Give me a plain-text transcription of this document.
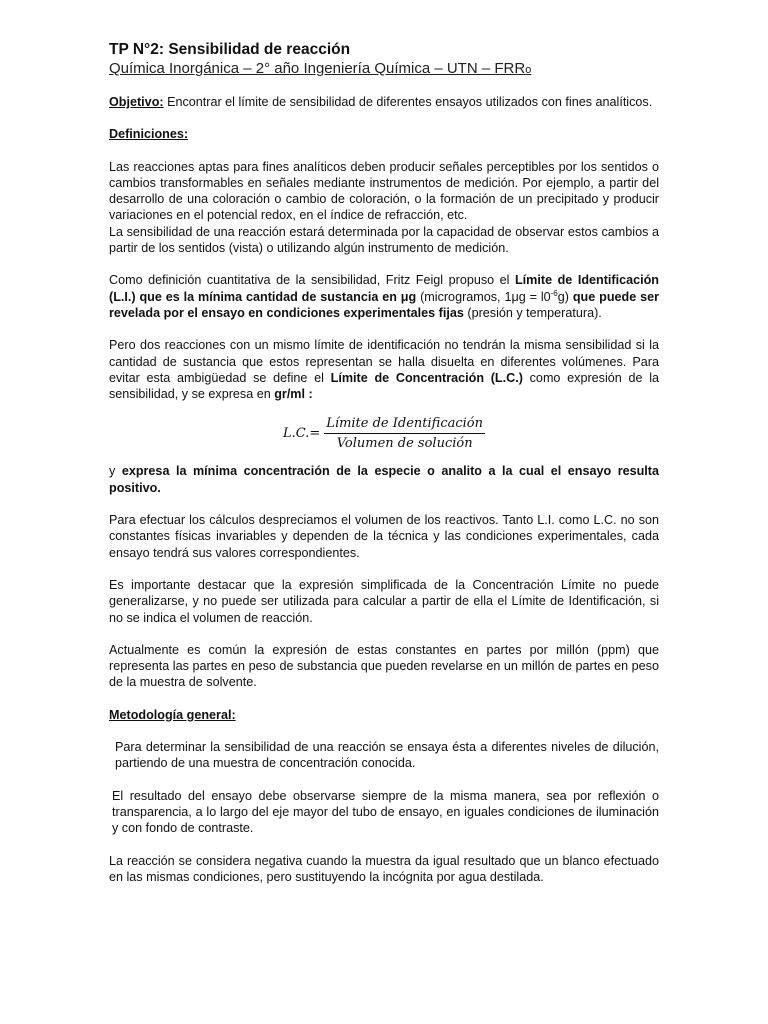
TP N°2: Sensibilidad de reacción

Química Inorgánica – 2° año Ingeniería Química – UTN – FRRo

Objetivo: Encontrar el límite de sensibilidad de diferentes ensayos utilizados con fines analíticos.

Definiciones:

Las reacciones aptas para fines analíticos deben producir señales perceptibles por los sentidos o cambios transformables en señales mediante instrumentos de medición. Por ejemplo, a partir del desarrollo de una coloración o cambio de coloración, o la formación de un precipitado y producir variaciones en el potencial redox, en el índice de refracción, etc.

La sensibilidad de una reacción estará determinada por la capacidad de observar estos cambios a partir de los sentidos (vista) o utilizando algún instrumento de medición.

Como definición cuantitativa de la sensibilidad, Fritz Feigl propuso el Límite de Identificación (L.I.) que es la mínima cantidad de sustancia en μg (microgramos, $1\mu g = l0^{-6}g$) que puede ser revelada por el ensayo en condiciones experimentales fijas (presión y temperatura).

Pero dos reacciones con un mismo límite de identificación no tendrán la misma sensibilidad si la cantidad de sustancia que estos representan se halla disuelta en diferentes volúmenes. Para evitar esta ambigüedad se define el Límite de Concentración (L.C.) como expresión de la sensibilidad, y se expresa en gr/ml :

$L.C.= \frac{\text{Límite de Identificación}}{\text{Volumen de solución}}$

y expresa la mínima concentración de la especie o analito a la cual el ensayo resulta positivo.

Para efectuar los cálculos despreciamos el volumen de los reactivos. Tanto L.I. como L.C. no son constantes físicas invariables y dependen de la técnica y las condiciones experimentales, cada ensayo tendrá sus valores correspondientes.

Es importante destacar que la expresión simplificada de la Concentración Límite no puede generalizarse, y no puede ser utilizada para calcular a partir de ella el Límite de Identificación, si no se indica el volumen de reacción.

Actualmente es común la expresión de estas constantes en partes por millón (ppm) que representa las partes en peso de substancia que pueden revelarse en un millón de partes en peso de la muestra de solvente.

Metodología general:

Para determinar la sensibilidad de una reacción se ensaya ésta a diferentes niveles de dilución, partiendo de una muestra de concentración conocida.

El resultado del ensayo debe observarse siempre de la misma manera, sea por reflexión o transparencia, a lo largo del eje mayor del tubo de ensayo, en iguales condiciones de iluminación y con fondo de contraste.

La reacción se considera negativa cuando la muestra da igual resultado que un blanco efectuado en las mismas condiciones, pero sustituyendo la incógnita por agua destilada.
